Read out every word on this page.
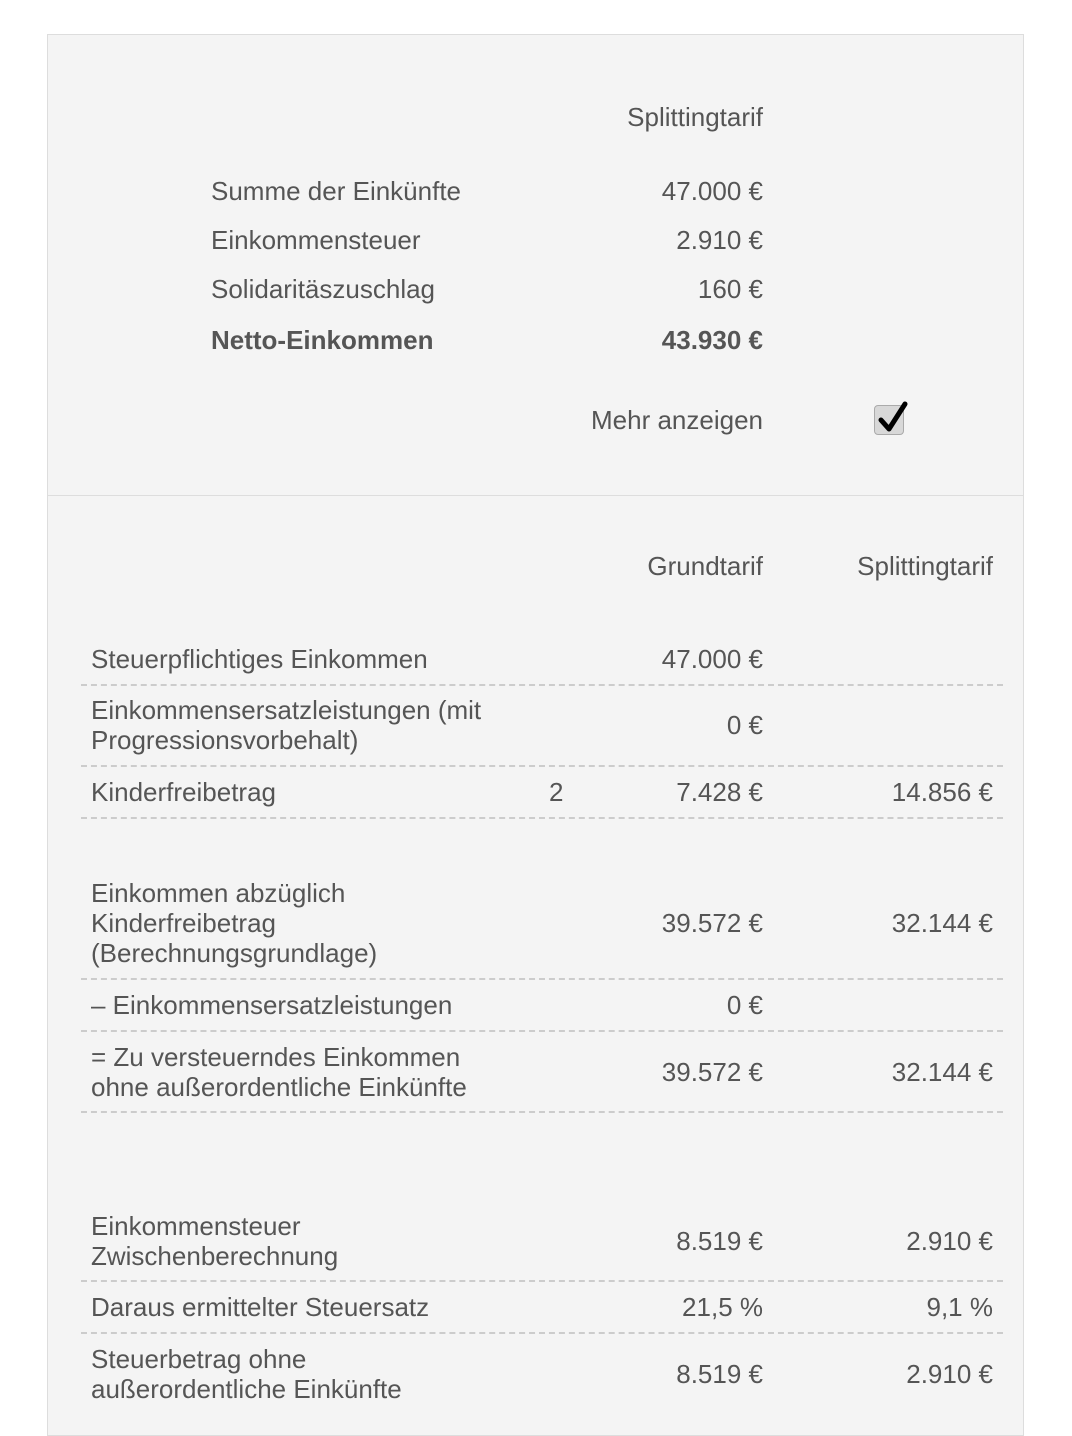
Splittingtarif
Summe der Einkünfte	47.000 €
Einkommensteuer	2.910 €
Solidaritäszuschlag	160 €
Netto-Einkommen	43.930 €
Mehr anzeigen
Grundtarif	Splittingtarif
Steuerpflichtiges Einkommen	47.000 €
Einkommensersatzleistungen (mit
Progressionsvorbehalt)	0 €
Kinderfreibetrag	2	7.428 €	14.856 €
Einkommen abzüglich
Kinderfreibetrag
(Berechnungsgrundlage)
39.572 €	32.144 €
– Einkommensersatzleistungen	0 €
= Zu versteuerndes Einkommen
ohne außerordentliche Einkünfte	39.572 €	32.144 €
Einkommensteuer
Zwischenberechnung	8.519 €	2.910 €
Daraus ermittelter Steuersatz	21,5 %	9,1 %
Steuerbetrag ohne
außerordentliche Einkünfte	8.519 €	2.910 €
